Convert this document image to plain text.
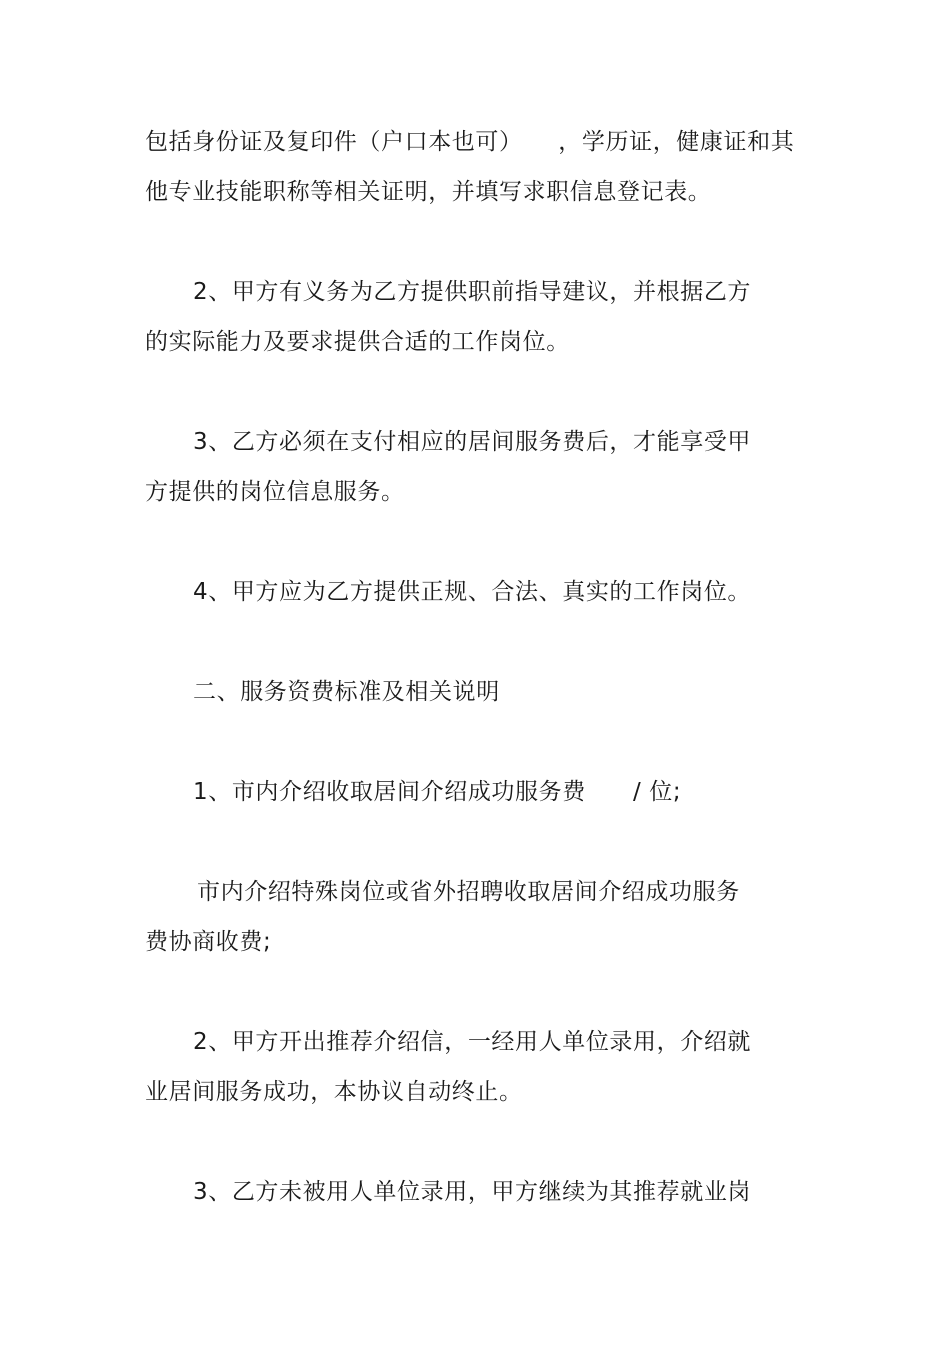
包括身份证及复印件（户口本也可）　　，学历证，健康证和其
他专业技能职称等相关证明，并填写求职信息登记表。
2、甲方有义务为乙方提供职前指导建议，并根据乙方
的实际能力及要求提供合适的工作岗位。
3、乙方必须在支付相应的居间服务费后，才能享受甲
方提供的岗位信息服务。
4、甲方应为乙方提供正规、合法、真实的工作岗位。
二、服务资费标准及相关说明
1、市内介绍收取居间介绍成功服务费　　/ 位;
市内介绍特殊岗位或省外招聘收取居间介绍成功服务
费协商收费;
2、甲方开出推荐介绍信，一经用人单位录用，介绍就
业居间服务成功，本协议自动终止。
3、乙方未被用人单位录用，甲方继续为其推荐就业岗
